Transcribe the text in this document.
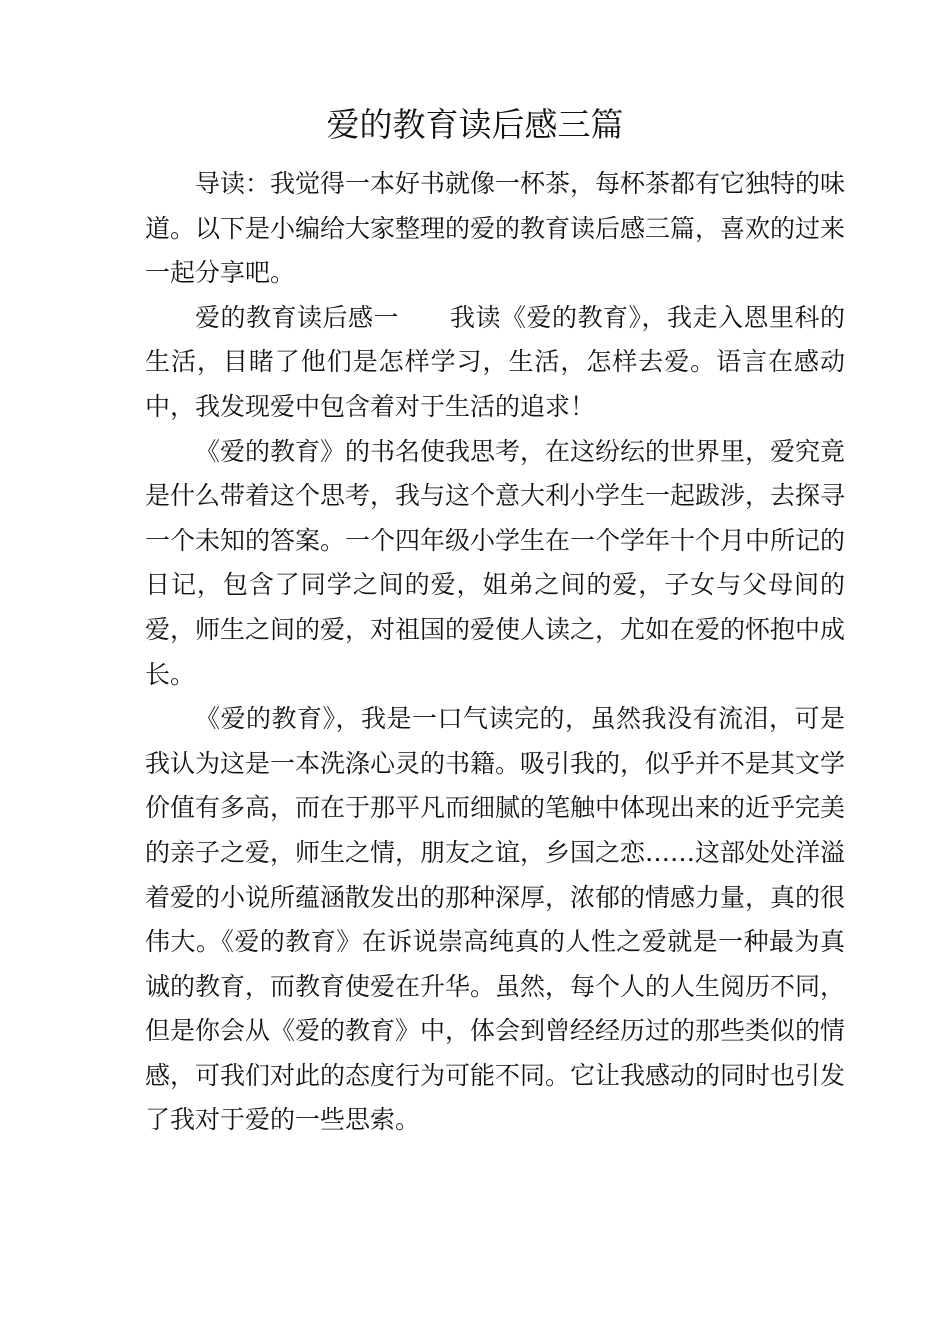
爱的教育读后感三篇

导读：我觉得一本好书就像一杯茶，每杯茶都有它独特的味道。以下是小编给大家整理的爱的教育读后感三篇，喜欢的过来一起分享吧。

爱的教育读后感一　　我读《爱的教育》，我走入恩里科的生活，目睹了他们是怎样学习，生活，怎样去爱。语言在感动中，我发现爱中包含着对于生活的追求！

《爱的教育》的书名使我思考，在这纷纭的世界里，爱究竟是什么带着这个思考，我与这个意大利小学生一起跋涉，去探寻一个未知的答案。一个四年级小学生在一个学年十个月中所记的日记，包含了同学之间的爱，姐弟之间的爱，子女与父母间的爱，师生之间的爱，对祖国的爱使人读之，尤如在爱的怀抱中成长。

《爱的教育》，我是一口气读完的，虽然我没有流泪，可是我认为这是一本洗涤心灵的书籍。吸引我的，似乎并不是其文学价值有多高，而在于那平凡而细腻的笔触中体现出来的近乎完美的亲子之爱，师生之情，朋友之谊，乡国之恋……这部处处洋溢着爱的小说所蕴涵散发出的那种深厚，浓郁的情感力量，真的很伟大。《爱的教育》在诉说崇高纯真的人性之爱就是一种最为真诚的教育，而教育使爱在升华。虽然，每个人的人生阅历不同，但是你会从《爱的教育》中，体会到曾经经历过的那些类似的情感，可我们对此的态度行为可能不同。它让我感动的同时也引发了我对于爱的一些思索。
